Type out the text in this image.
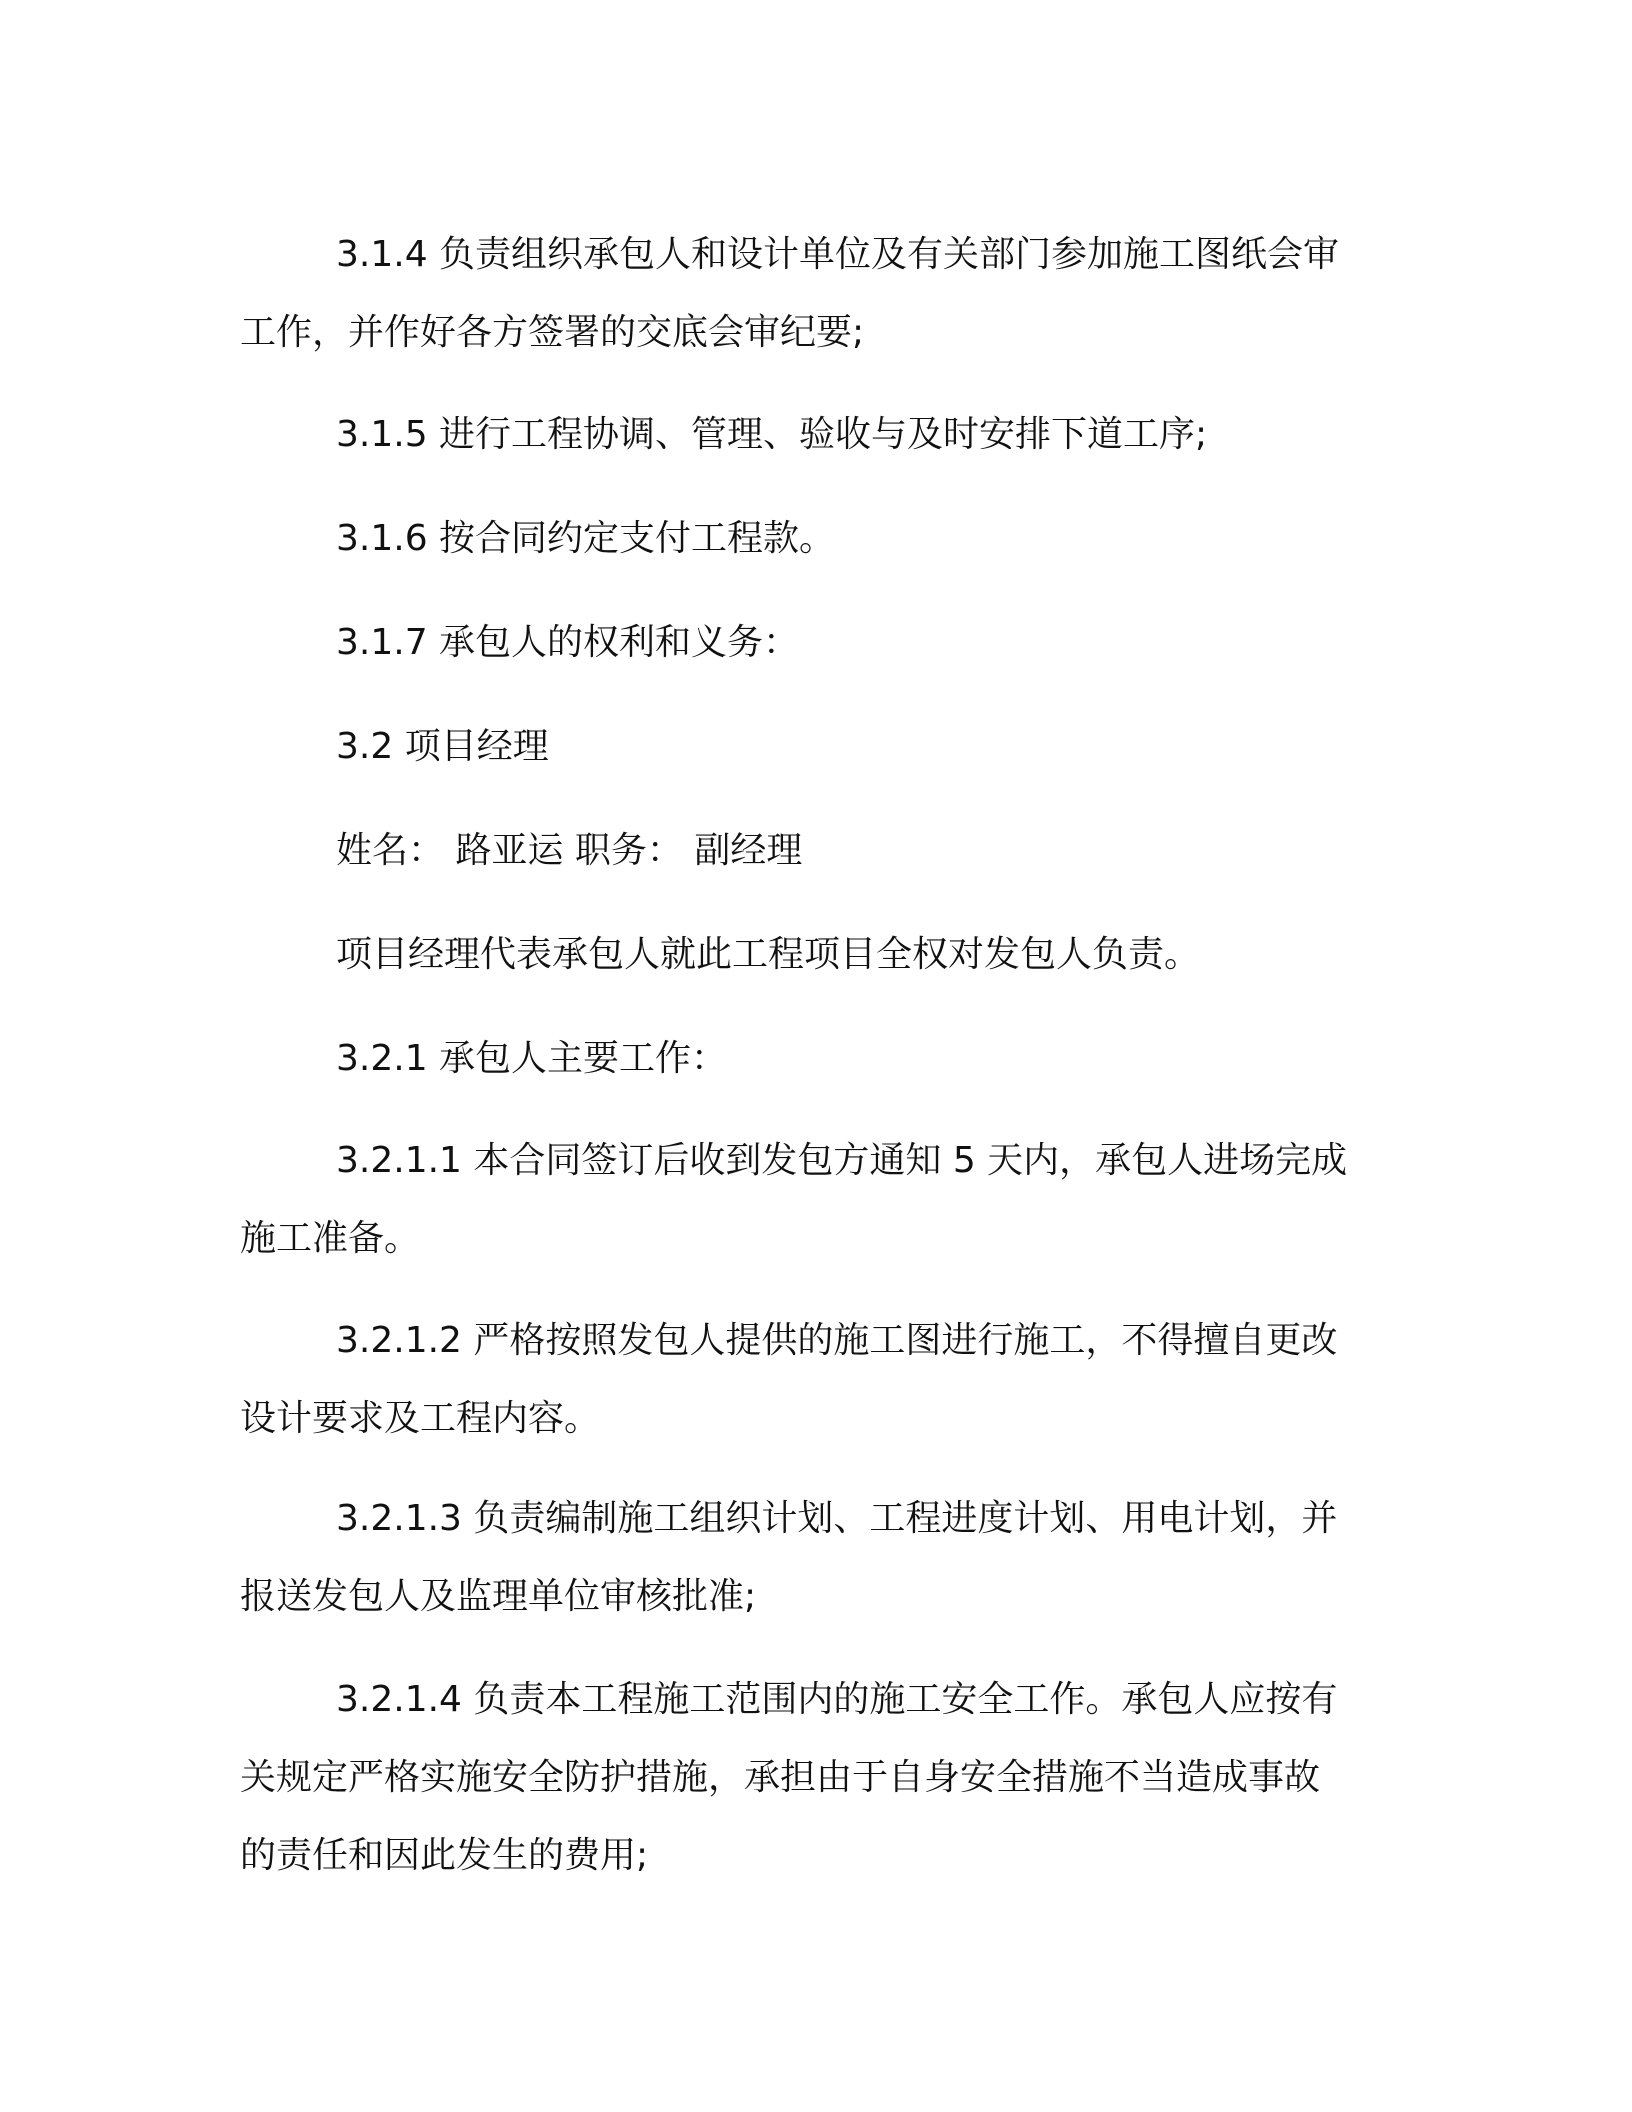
3.1.4 负责组织承包人和设计单位及有关部门参加施工图纸会审工作，并作好各方签署的交底会审纪要;

3.1.5 进行工程协调、管理、验收与及时安排下道工序;

3.1.6 按合同约定支付工程款。

3.1.7 承包人的权利和义务：

3.2 项目经理

姓名： 路亚运 职务： 副经理

项目经理代表承包人就此工程项目全权对发包人负责。

3.2.1 承包人主要工作：

3.2.1.1 本合同签订后收到发包方通知 5 天内，承包人进场完成施工准备。

3.2.1.2 严格按照发包人提供的施工图进行施工，不得擅自更改设计要求及工程内容。

3.2.1.3 负责编制施工组织计划、工程进度计划、用电计划，并报送发包人及监理单位审核批准;

3.2.1.4 负责本工程施工范围内的施工安全工作。承包人应按有关规定严格实施安全防护措施，承担由于自身安全措施不当造成事故的责任和因此发生的费用;
